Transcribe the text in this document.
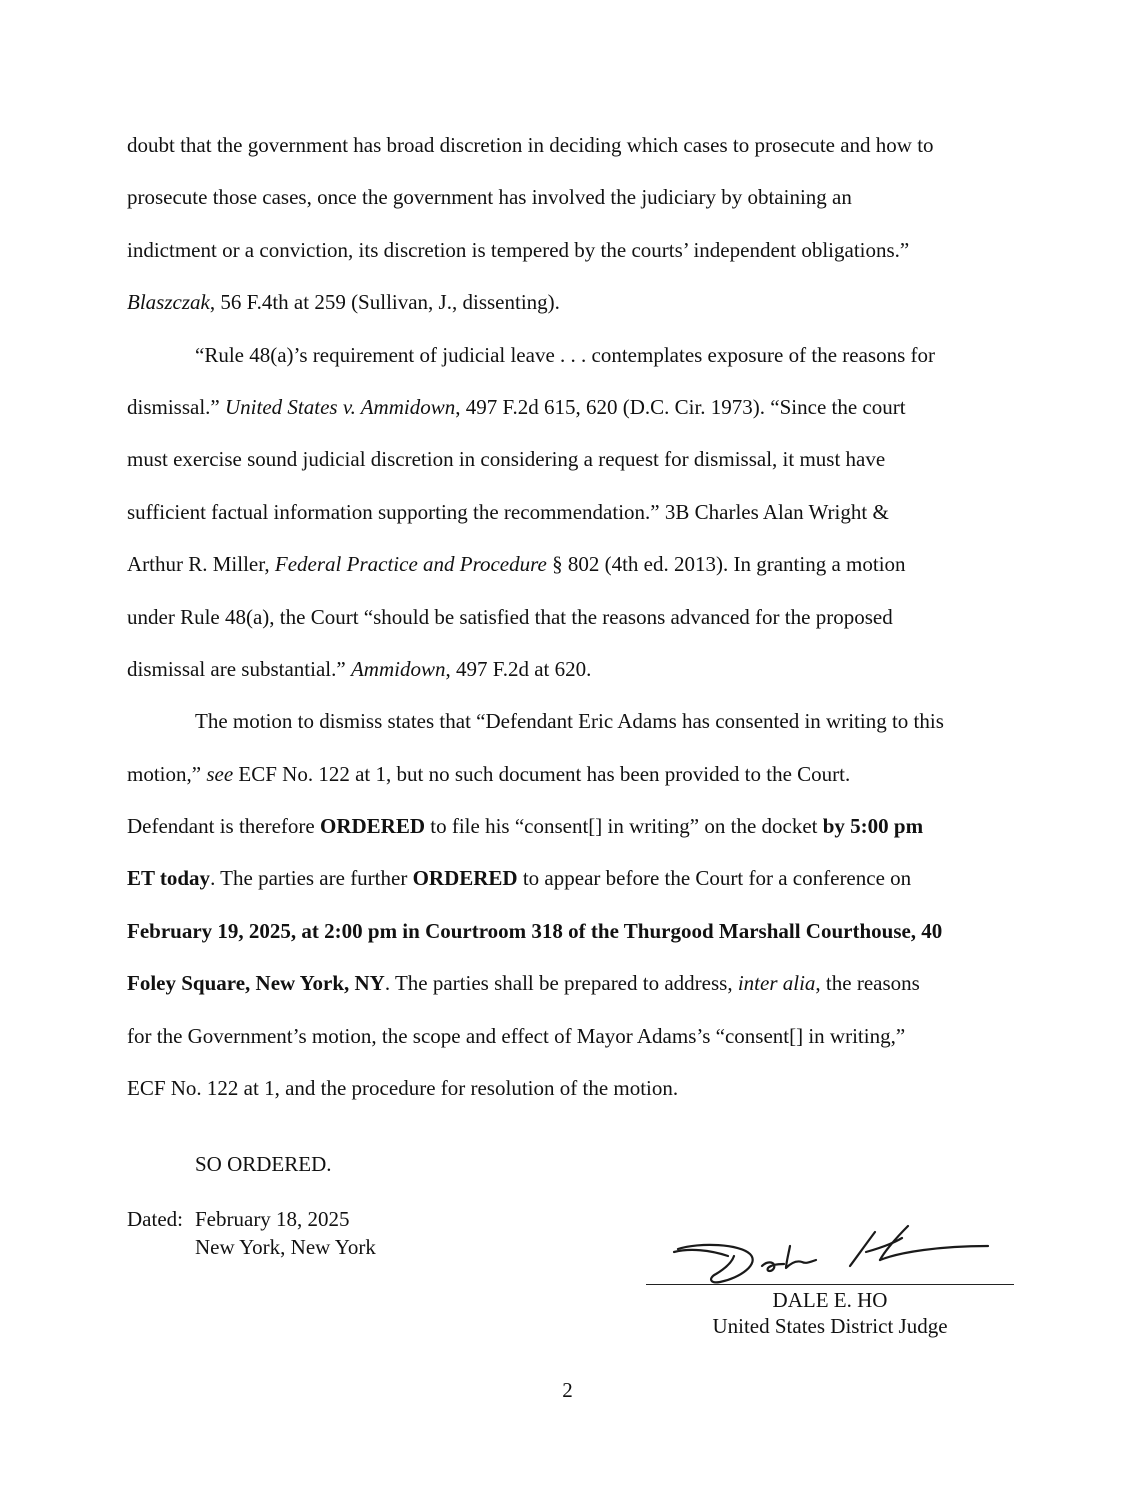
doubt that the government has broad discretion in deciding which cases to prosecute and how to
prosecute those cases, once the government has involved the judiciary by obtaining an
indictment or a conviction, its discretion is tempered by the courts’ independent obligations.”
Blaszczak, 56 F.4th at 259 (Sullivan, J., dissenting).

“Rule 48(a)’s requirement of judicial leave . . . contemplates exposure of the reasons for
dismissal.” United States v. Ammidown, 497 F.2d 615, 620 (D.C. Cir. 1973). “Since the court
must exercise sound judicial discretion in considering a request for dismissal, it must have
sufficient factual information supporting the recommendation.” 3B Charles Alan Wright &
Arthur R. Miller, Federal Practice and Procedure § 802 (4th ed. 2013). In granting a motion
under Rule 48(a), the Court “should be satisfied that the reasons advanced for the proposed
dismissal are substantial.” Ammidown, 497 F.2d at 620.

The motion to dismiss states that “Defendant Eric Adams has consented in writing to this
motion,” see ECF No. 122 at 1, but no such document has been provided to the Court.
Defendant is therefore ORDERED to file his “consent[] in writing” on the docket by 5:00 pm
ET today. The parties are further ORDERED to appear before the Court for a conference on
February 19, 2025, at 2:00 pm in Courtroom 318 of the Thurgood Marshall Courthouse, 40
Foley Square, New York, NY. The parties shall be prepared to address, inter alia, the reasons
for the Government’s motion, the scope and effect of Mayor Adams’s “consent[] in writing,”
ECF No. 122 at 1, and the procedure for resolution of the motion.

SO ORDERED.
Dated: February 18, 2025
New York, New York
DALE E. HO
United States District Judge
2
